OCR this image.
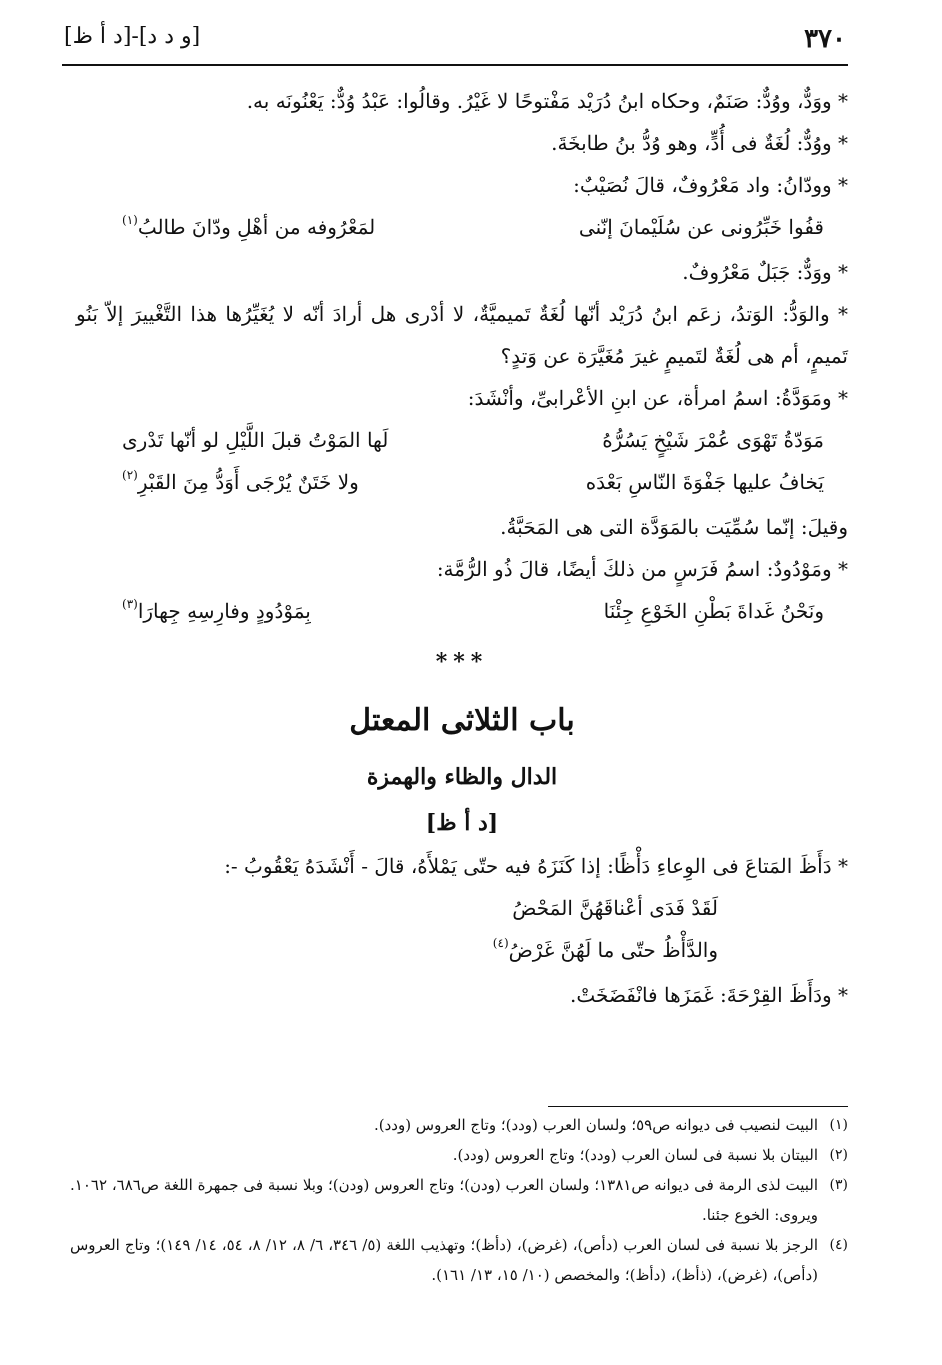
٣٧٠
[و د د]-[د أ ظ]

* ووَدٌّ، ووُدٌّ: صَنَمٌ، وحكاه ابنُ دُرَيْد مَفْتوحًا لا غَيْرُ. وقالُوا: عَبْدُ وُدٌّ: يَعْنُونَه به.

* ووُدٌّ: لُغَةٌ فى أُدٍّ، وهو وُدُّ بنُ طابخَةَ.

* وودّانُ: واد مَعْرُوفٌ، قالَ نُصَيْبٌ:

قفُوا خَبِّرُونى عن سُلَيْمانَ إنّنى
لمَعْرُوفه من أهْلِ ودّانَ طالبُ$^{(١)}$

* ووَدٌّ: جَبَلٌ مَعْرُوفٌ.

* والوَدُّ: الوَتدُ، زعَم ابنُ دُرَيْد أنّها لُغَةٌ تَميميَّةٌ، لا أدْرى هل أرادَ أنّه لا يُغَيِّرُها هذا التَّغْييرَ إلاّ بَنُو تَميمٍ، أم هى لُغَةٌ لتَميمٍ غيرَ مُغَيَّرَة عن وَتدٍ؟

* ومَوَدَّةُ: اسمُ امرأة، عن ابنِ الأعْرابىِّ، وأنْشَدَ:

مَوَدّةُ تَهْوَى عُمْرَ شَيْخٍ يَسُرُّهُ
لَها المَوْتُ قبلَ اللَّيْلِ لو أنّها تَدْرى
يَخافُ عليها جَفْوَةَ النّاسِ بَعْدَه
ولا خَتَنٌ يُرْجَى أَوَدُّ مِنَ القَبْرِ$^{(٢)}$

وقيلَ: إنّما سُمِّيَت بالمَوَدَّة التى هى المَحَبَّةُ.

* ومَوْدُودٌ: اسمُ فَرَسٍ من ذلكَ أيضًا، قالَ ذُو الرُّمَّة:

ونَحْنُ غَداةَ بَطْنِ الخَوْعِ جِئْنَا
بِمَوْدُودٍ وفارِسِهِ جِهارَا$^{(٣)}$
***
باب الثلاثى المعتل
الدال والظاء والهمزة
[د أ ظ]

* دَأَظَ المَتاعَ فى الوِعاءِ دَأْظًا: إذا كَنَزَهُ فيه حتّى يَمْلأَهُ، قالَ - أَنْشَدَهُ يَعْقُوبُ -:

لَقَدْ فَدَى أعْناقَهُنَّ المَحْضُ
والدَّأْظُ حتّى ما لَهُنَّ غَرْضُ$^{(٤)}$

* ودَأَظَ القِرْحَةَ: غَمَزَها فانْفَضَخَتْ.

(١)
البيت لنصيب فى ديوانه ص٥٩؛ ولسان العرب (ودد)؛ وتاج العروس (ودد).
(٢)
البيتان بلا نسبة فى لسان العرب (ودد)؛ وتاج العروس (ودد).
(٣)
البيت لذى الرمة فى ديوانه ص١٣٨١؛ ولسان العرب (ودن)؛ وتاج العروس (ودن)؛ وبلا نسبة فى جمهرة اللغة ص٦٨٦، ١٠٦٢. ويروى: الخوع جئنا.
(٤)
الرجز بلا نسبة فى لسان العرب (دأص)، (غرض)، (دأظ)؛ وتهذيب اللغة (٥/ ٣٤٦، ٦/ ٨، ١٢/ ٨، ٥٤، ١٤/ ١٤٩)؛ وتاج العروس (دأص)، (غرض)، (ذأظ)، (دأظ)؛ والمخصص (١٠/ ١٥، ١٣/ ١٦١).
